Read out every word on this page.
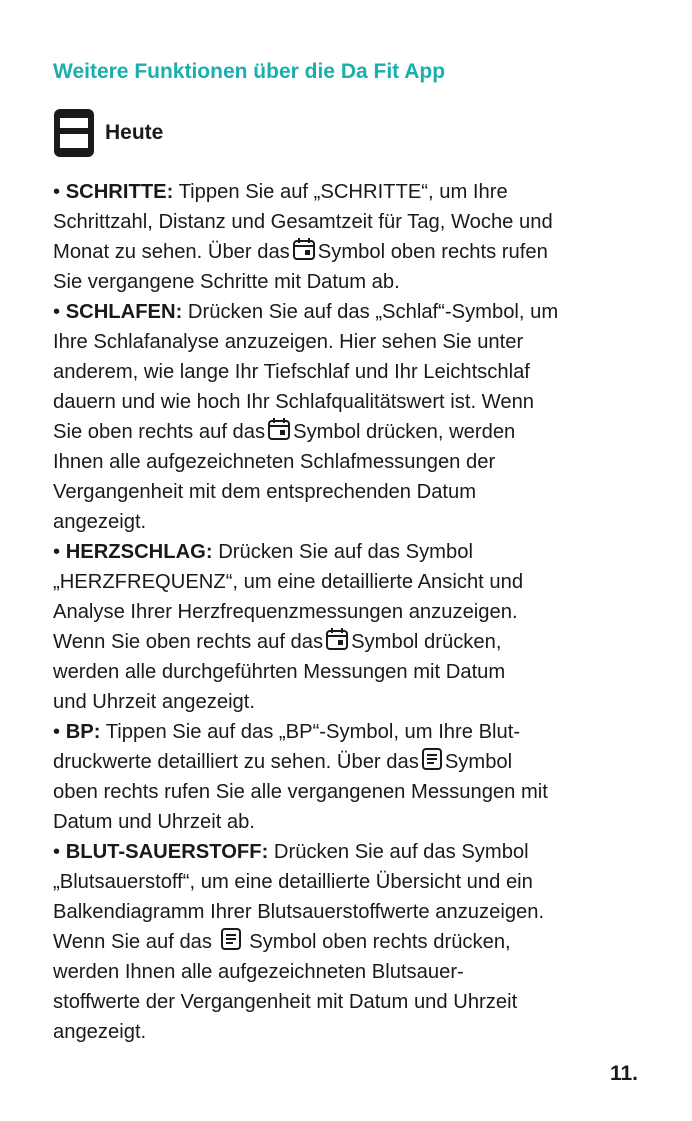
Weitere Funktionen über die Da Fit App
Heute
• SCHRITTE: Tippen Sie auf „SCHRITTE“, um Ihre
Schrittzahl, Distanz und Gesamtzeit für Tag, Woche und
Monat zu sehen. Über das Symbol oben rechts rufen
Sie vergangene Schritte mit Datum ab.
• SCHLAFEN: Drücken Sie auf das „Schlaf“-Symbol, um
Ihre Schlafanalyse anzuzeigen. Hier sehen Sie unter
anderem, wie lange Ihr Tiefschlaf und Ihr Leichtschlaf
dauern und wie hoch Ihr Schlafqualitätswert ist. Wenn
Sie oben rechts auf das Symbol drücken, werden
Ihnen alle aufgezeichneten Schlafmessungen der
Vergangenheit mit dem entsprechenden Datum
angezeigt.
• HERZSCHLAG: Drücken Sie auf das Symbol
„HERZFREQUENZ“, um eine detaillierte Ansicht und
Analyse Ihrer Herzfrequenzmessungen anzuzeigen.
Wenn Sie oben rechts auf das Symbol drücken,
werden alle durchgeführten Messungen mit Datum
und Uhrzeit angezeigt.
• BP: Tippen Sie auf das „BP“-Symbol, um Ihre Blut-
druckwerte detailliert zu sehen. Über das Symbol
oben rechts rufen Sie alle vergangenen Messungen mit
Datum und Uhrzeit ab.
• BLUT-SAUERSTOFF: Drücken Sie auf das Symbol
„Blutsauerstoff“, um eine detaillierte Übersicht und ein
Balkendiagramm Ihrer Blutsauerstoffwerte anzuzeigen.
Wenn Sie auf das Symbol oben rechts drücken,
werden Ihnen alle aufgezeichneten Blutsauer-
stoffwerte der Vergangenheit mit Datum und Uhrzeit
angezeigt.
11.
